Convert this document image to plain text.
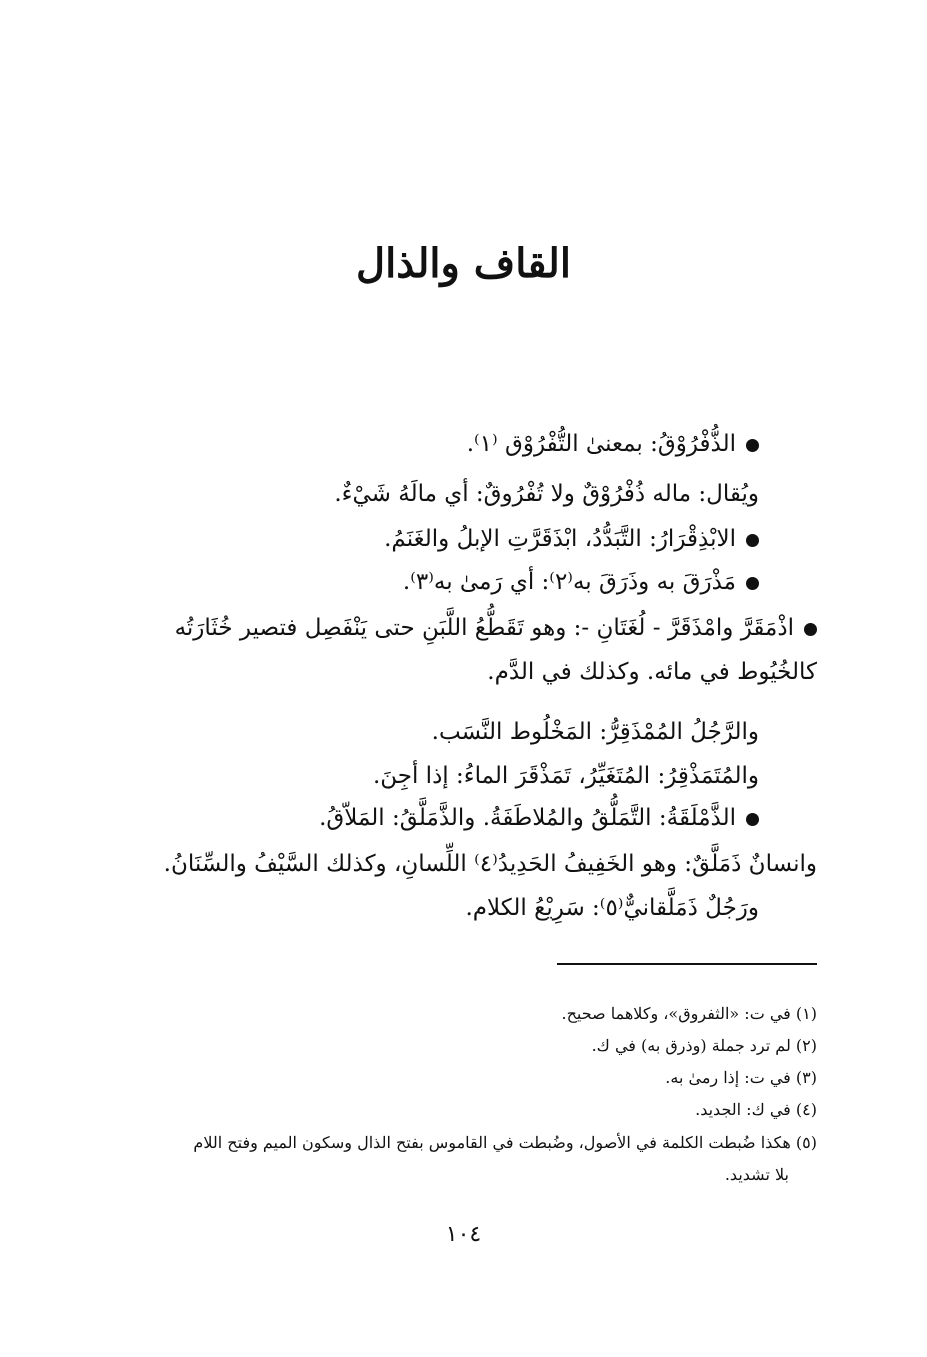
القاف والذال
الذُّفْرُوْقُ: بمعنىٰ التُّفْرُوْق ⁽١⁾.
ويُقال: ماله ذُفْرُوْقٌ ولا تُفْرُوقٌ: أي مالَهُ شَيْءٌ.
الابْذِقْرَارُ: التَّبَدُّدُ، ابْذَقَرَّتِ الإبلُ والغَنَمُ.
مَذْرَقَ به وذَرَقَ به⁽٢⁾: أي رَمىٰ به⁽٣⁾.
اذْمَقَرَّ وامْذَقَرَّ - لُغَتَانِ -: وهو تَقَطُّعُ اللَّبَنِ حتى يَنْفَصِل فتصير خُثَارَتُه
كالخُيُوط في مائه. وكذلك في الدَّم.
والرَّجُلُ المُمْذَقِرُّ: المَخْلُوط النَّسَب.
والمُتَمَذْقِرُ: المُتَغَيِّرُ، تَمَذْقَرَ الماءُ: إذا أجِنَ.
الذَّمْلَقَةُ: التَّمَلُّقُ والمُلاطَفَةُ. والذَّمَلَّقُ: المَلاّقُ.
وانسانٌ ذَمَلَّقٌ: وهو الخَفِيفُ الحَدِيدُ⁽٤⁾ اللِّسانِ، وكذلك السَّيْفُ والسِّنَانُ.
ورَجُلٌ ذَمَلَّقانيٌّ⁽٥⁾: سَرِيْعُ الكلام.
(١) في ت: «الثفروق»، وكلاهما صحيح.
(٢) لم ترد جملة (وذرق به) في ك.
(٣) في ت: إذا رمىٰ به.
(٤) في ك: الجديد.
(٥) هكذا ضُبطت الكلمة في الأصول، وضُبطت في القاموس بفتح الذال وسكون الميم وفتح اللام
بلا تشديد.
١٠٤
